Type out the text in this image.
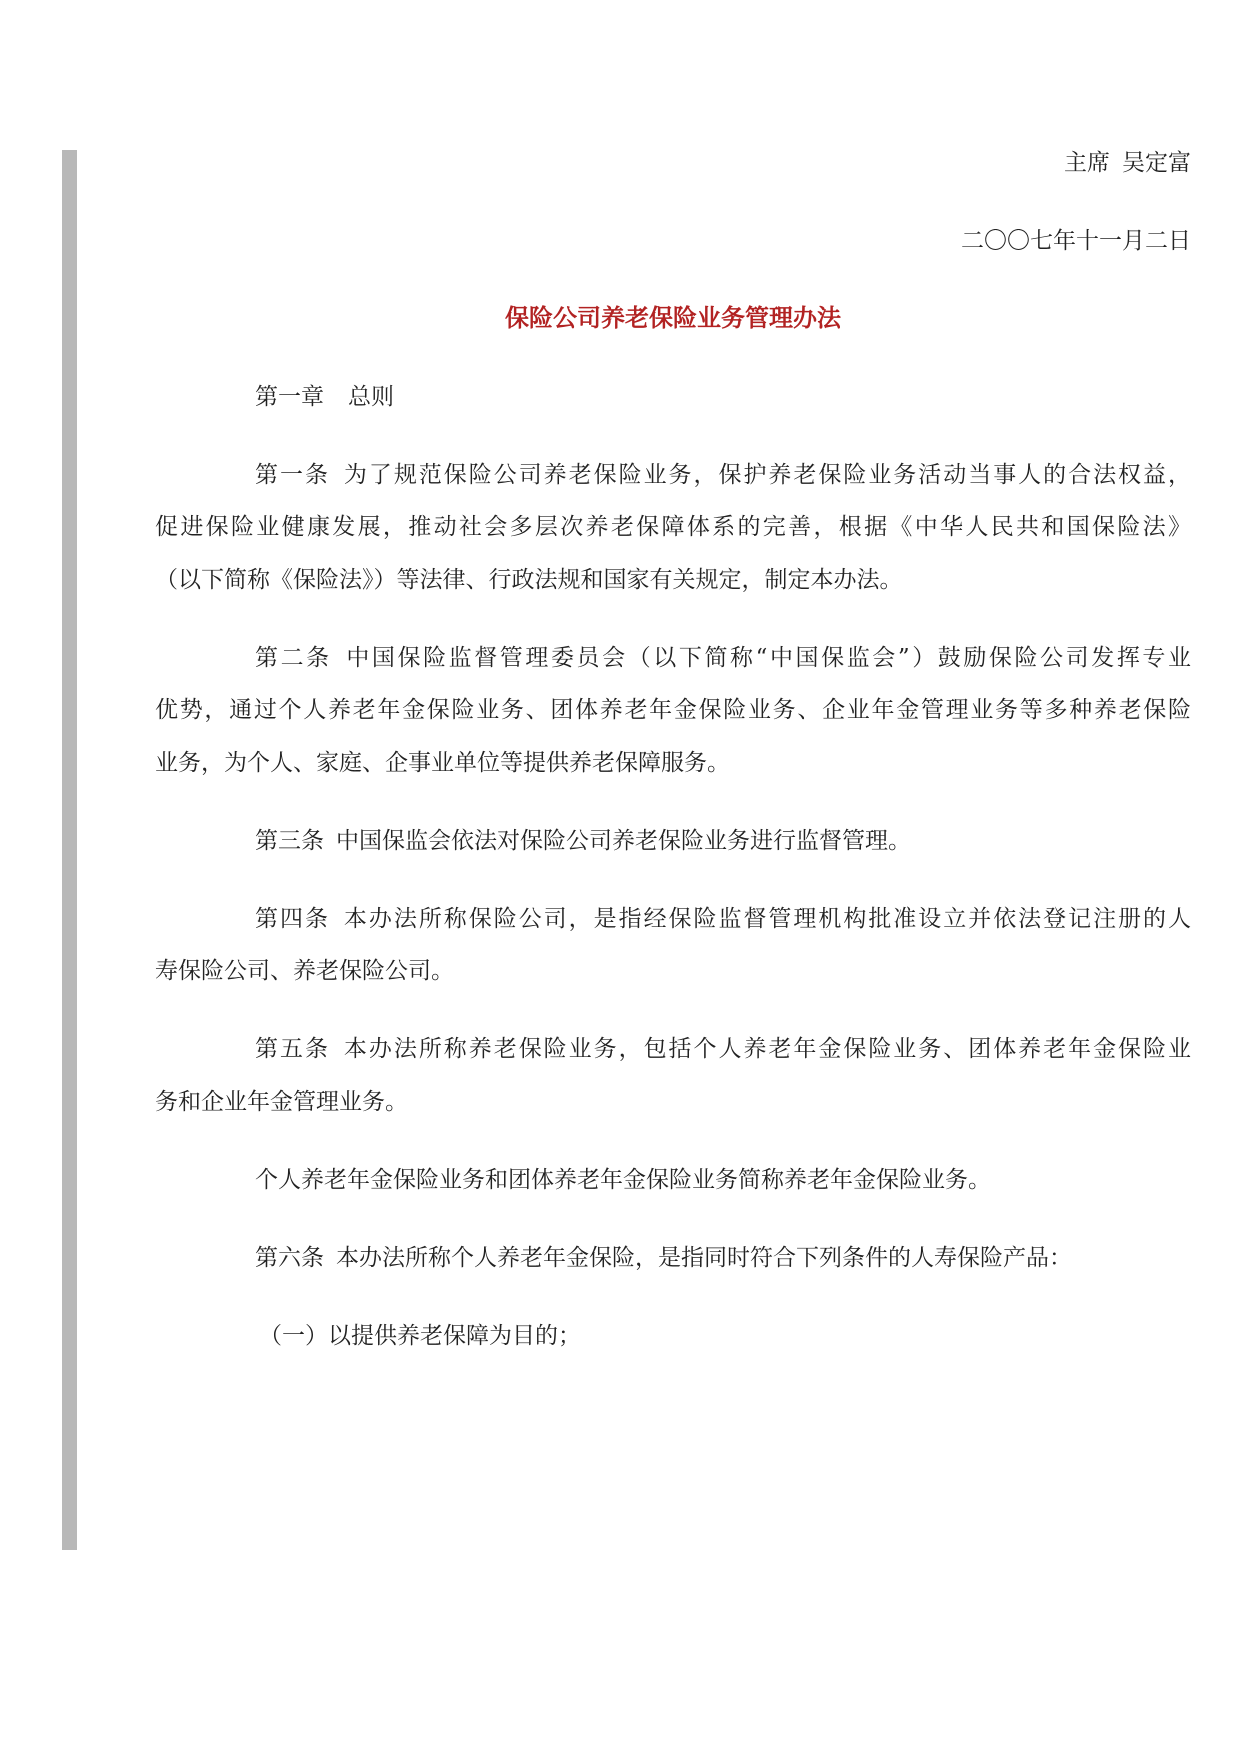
主席 吴定富
二〇〇七年十一月二日
保险公司养老保险业务管理办法
第一章 总则
第一条 为了规范保险公司养老保险业务，保护养老保险业务活动当事人的合法权益，
促进保险业健康发展，推动社会多层次养老保障体系的完善，根据《中华人民共和国保险法》
（以下简称《保险法》）等法律、行政法规和国家有关规定，制定本办法。
第二条 中国保险监督管理委员会（以下简称“中国保监会”）鼓励保险公司发挥专业
优势，通过个人养老年金保险业务、团体养老年金保险业务、企业年金管理业务等多种养老保险
业务，为个人、家庭、企事业单位等提供养老保障服务。
第三条 中国保监会依法对保险公司养老保险业务进行监督管理。
第四条 本办法所称保险公司，是指经保险监督管理机构批准设立并依法登记注册的人
寿保险公司、养老保险公司。
第五条 本办法所称养老保险业务，包括个人养老年金保险业务、团体养老年金保险业
务和企业年金管理业务。
个人养老年金保险业务和团体养老年金保险业务简称养老年金保险业务。
第六条 本办法所称个人养老年金保险，是指同时符合下列条件的人寿保险产品：
（一）以提供养老保障为目的；
